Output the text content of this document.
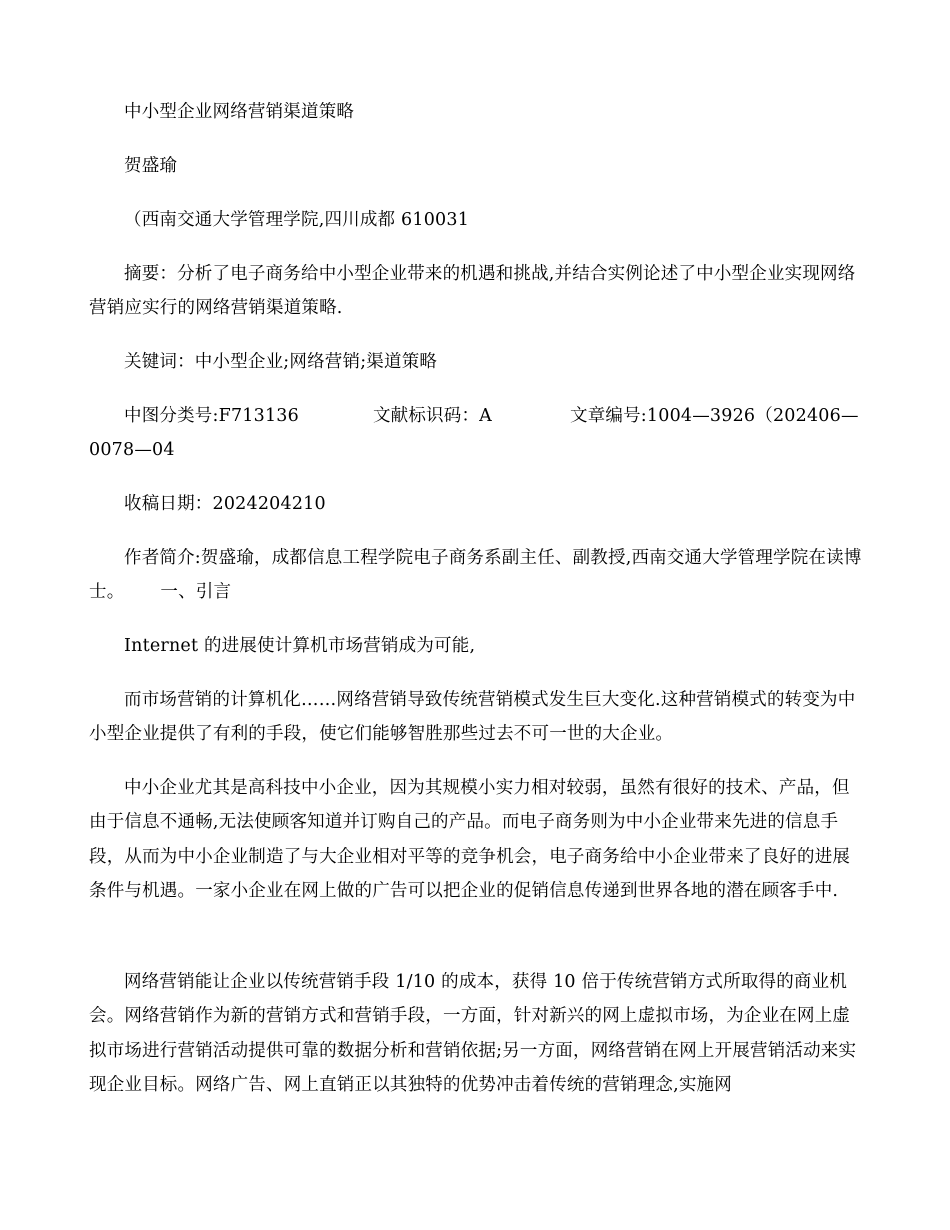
中小型企业网络营销渠道策略
贺盛瑜
（西南交通大学管理学院,四川成都 610031
摘要：分析了电子商务给中小型企业带来的机遇和挑战,并结合实例论述了中小型企业实现网络营销应实行的网络营销渠道策略.
关键词：中小型企业;网络营销;渠道策略
中图分类号:F713136	文献标识码：A	文章编号:1004—3926（202406—0078—04
收稿日期：2024204210
作者简介:贺盛瑜，成都信息工程学院电子商务系副主任、副教授,西南交通大学管理学院在读博士。 一、引言
Internet 的进展使计算机市场营销成为可能,
而市场营销的计算机化……网络营销导致传统营销模式发生巨大变化.这种营销模式的转变为中小型企业提供了有利的手段，使它们能够智胜那些过去不可一世的大企业。
中小企业尤其是高科技中小企业，因为其规模小实力相对较弱，虽然有很好的技术、产品，但由于信息不通畅,无法使顾客知道并订购自己的产品。而电子商务则为中小企业带来先进的信息手段，从而为中小企业制造了与大企业相对平等的竞争机会，电子商务给中小企业带来了良好的进展条件与机遇。一家小企业在网上做的广告可以把企业的促销信息传递到世界各地的潜在顾客手中.
网络营销能让企业以传统营销手段 1/10 的成本，获得 10 倍于传统营销方式所取得的商业机会。网络营销作为新的营销方式和营销手段，一方面，针对新兴的网上虚拟市场，为企业在网上虚拟市场进行营销活动提供可靠的数据分析和营销依据;另一方面，网络营销在网上开展营销活动来实现企业目标。网络广告、网上直销正以其独特的优势冲击着传统的营销理念,实施网
